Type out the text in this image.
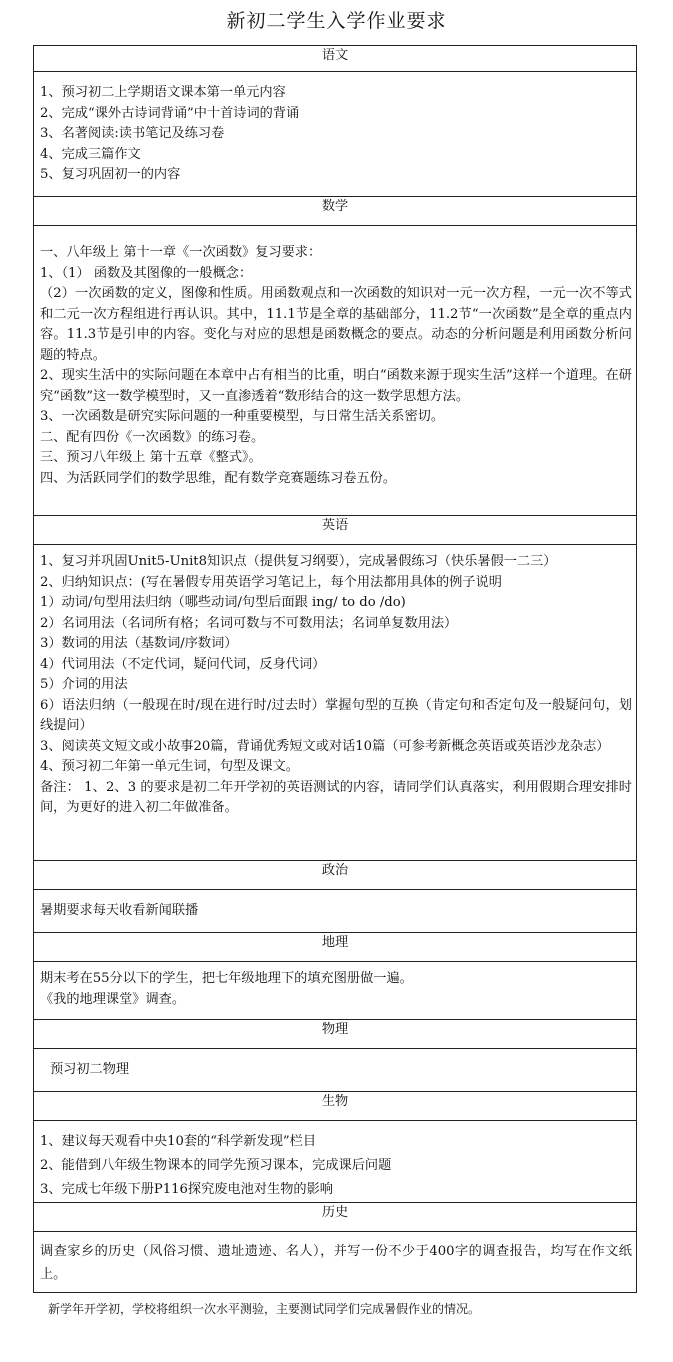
新初二学生入学作业要求
语文

1、预习初二上学期语文课本第一单元内容
2、完成“课外古诗词背诵”中十首诗词的背诵
3、名著阅读:读书笔记及练习卷
4、完成三篇作文
5、复习巩固初一的内容

数学

一、八年级上 第十一章《一次函数》复习要求：
1、（1） 函数及其图像的一般概念：
（2）一次函数的定义，图像和性质。用函数观点和一次函数的知识对一元一次方程，一元一次不等式和二元一次方程组进行再认识。其中，11.1节是全章的基础部分，11.2节“一次函数”是全章的重点内容。11.3节是引申的内容。变化与对应的思想是函数概念的要点。动态的分析问题是利用函数分析问题的特点。
2、现实生活中的实际问题在本章中占有相当的比重，明白“函数来源于现实生活”这样一个道理。在研究“函数”这一数学模型时，又一直渗透着“数形结合的这一数学思想方法。
3、一次函数是研究实际问题的一种重要模型，与日常生活关系密切。
二、配有四份《一次函数》的练习卷。
三、预习八年级上 第十五章《整式》。
四、为活跃同学们的数学思维，配有数学竞赛题练习卷五份。

英语

1、复习并巩固Unit5-Unit8知识点（提供复习纲要），完成暑假练习（快乐暑假一二三）
2、归纳知识点：(写在暑假专用英语学习笔记上，每个用法都用具体的例子说明
1）动词/句型用法归纳（哪些动词/句型后面跟 ing/ to do /do)
2）名词用法（名词所有格；名词可数与不可数用法；名词单复数用法）
3）数词的用法（基数词/序数词）
4）代词用法（不定代词，疑问代词，反身代词）
5）介词的用法
6）语法归纳（一般现在时/现在进行时/过去时）掌握句型的互换（肯定句和否定句及一般疑问句，划线提问）
3、阅读英文短文或小故事20篇，背诵优秀短文或对话10篇（可参考新概念英语或英语沙龙杂志）
4、预习初二年第一单元生词，句型及课文。
备注： 1、2、3 的要求是初二年开学初的英语测试的内容，请同学们认真落实，利用假期合理安排时间，为更好的进入初二年做准备。

政治

暑期要求每天收看新闻联播

地理

期末考在55分以下的学生，把七年级地理下的填充图册做一遍。
《我的地理课堂》调查。

物理

预习初二物理

生物

1、建议每天观看中央10套的“科学新发现”栏目
2、能借到八年级生物课本的同学先预习课本，完成课后问题
3、完成七年级下册P116探究废电池对生物的影响

历史

调查家乡的历史（风俗习惯、遗址遗迹、名人），并写一份不少于400字的调查报告，均写在作文纸上。
新学年开学初，学校将组织一次水平测验，主要测试同学们完成暑假作业的情况。
